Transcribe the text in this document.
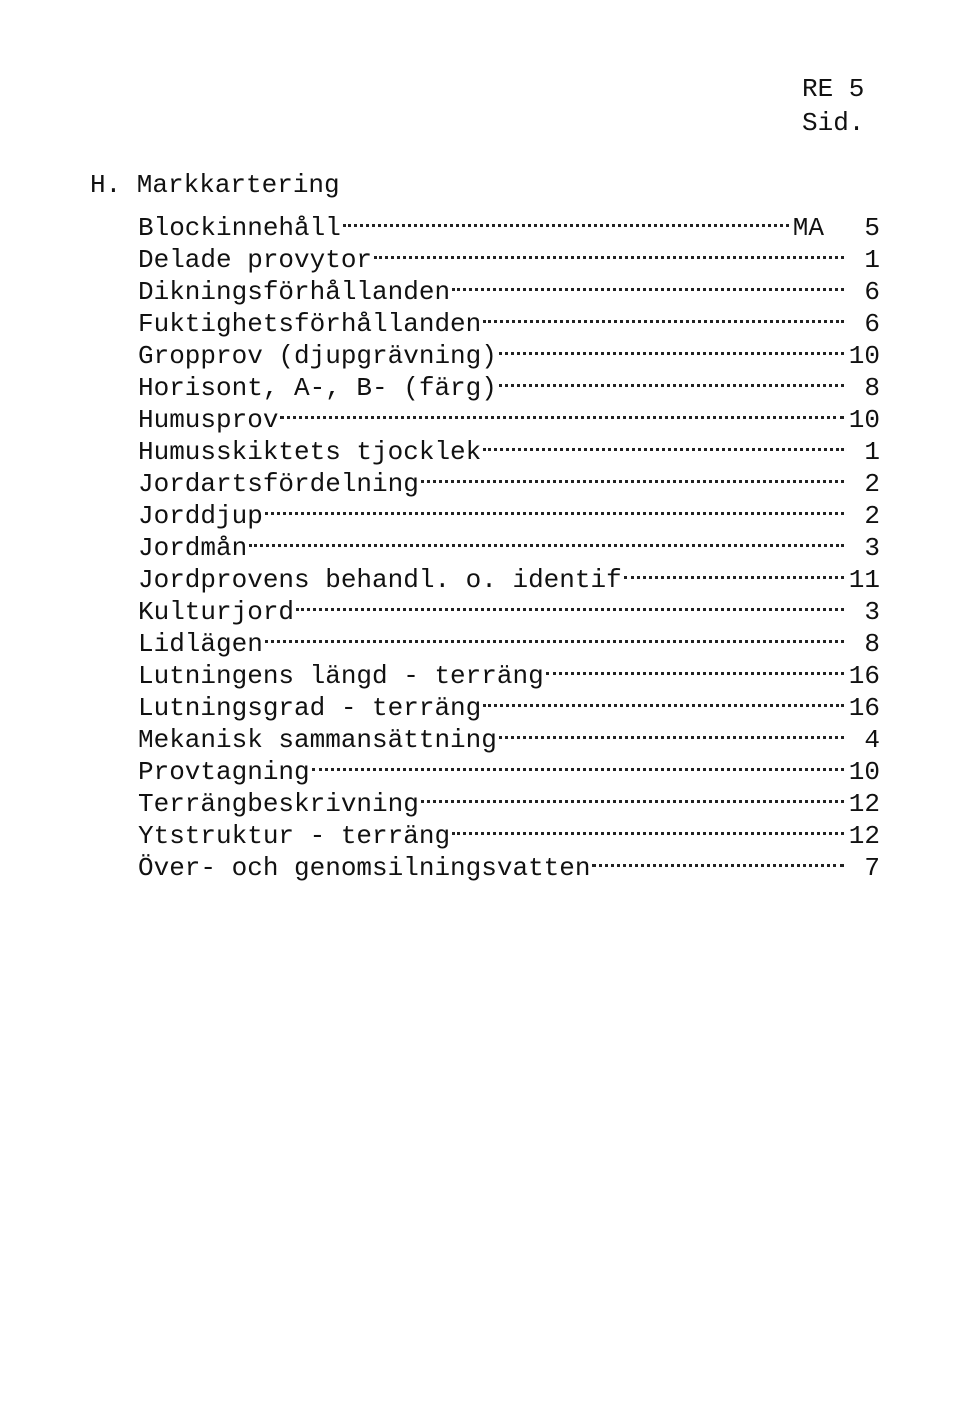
RE 5
Sid.
H. Markkartering
Blockinnehåll	MA	5
Delade provytor	1
Dikningsförhållanden	6
Fuktighetsförhållanden	6
Gropprov (djupgrävning)	10
Horisont, A-, B- (färg)	8
Humusprov	10
Humusskiktets tjocklek	1
Jordartsfördelning	2
Jorddjup	2
Jordmån	3
Jordprovens behandl. o. identif	11
Kulturjord	3
Lidlägen	8
Lutningens längd - terräng	16
Lutningsgrad - terräng	16
Mekanisk sammansättning	4
Provtagning	10
Terrängbeskrivning	12
Ytstruktur - terräng	12
Över- och genomsilningsvatten	7
